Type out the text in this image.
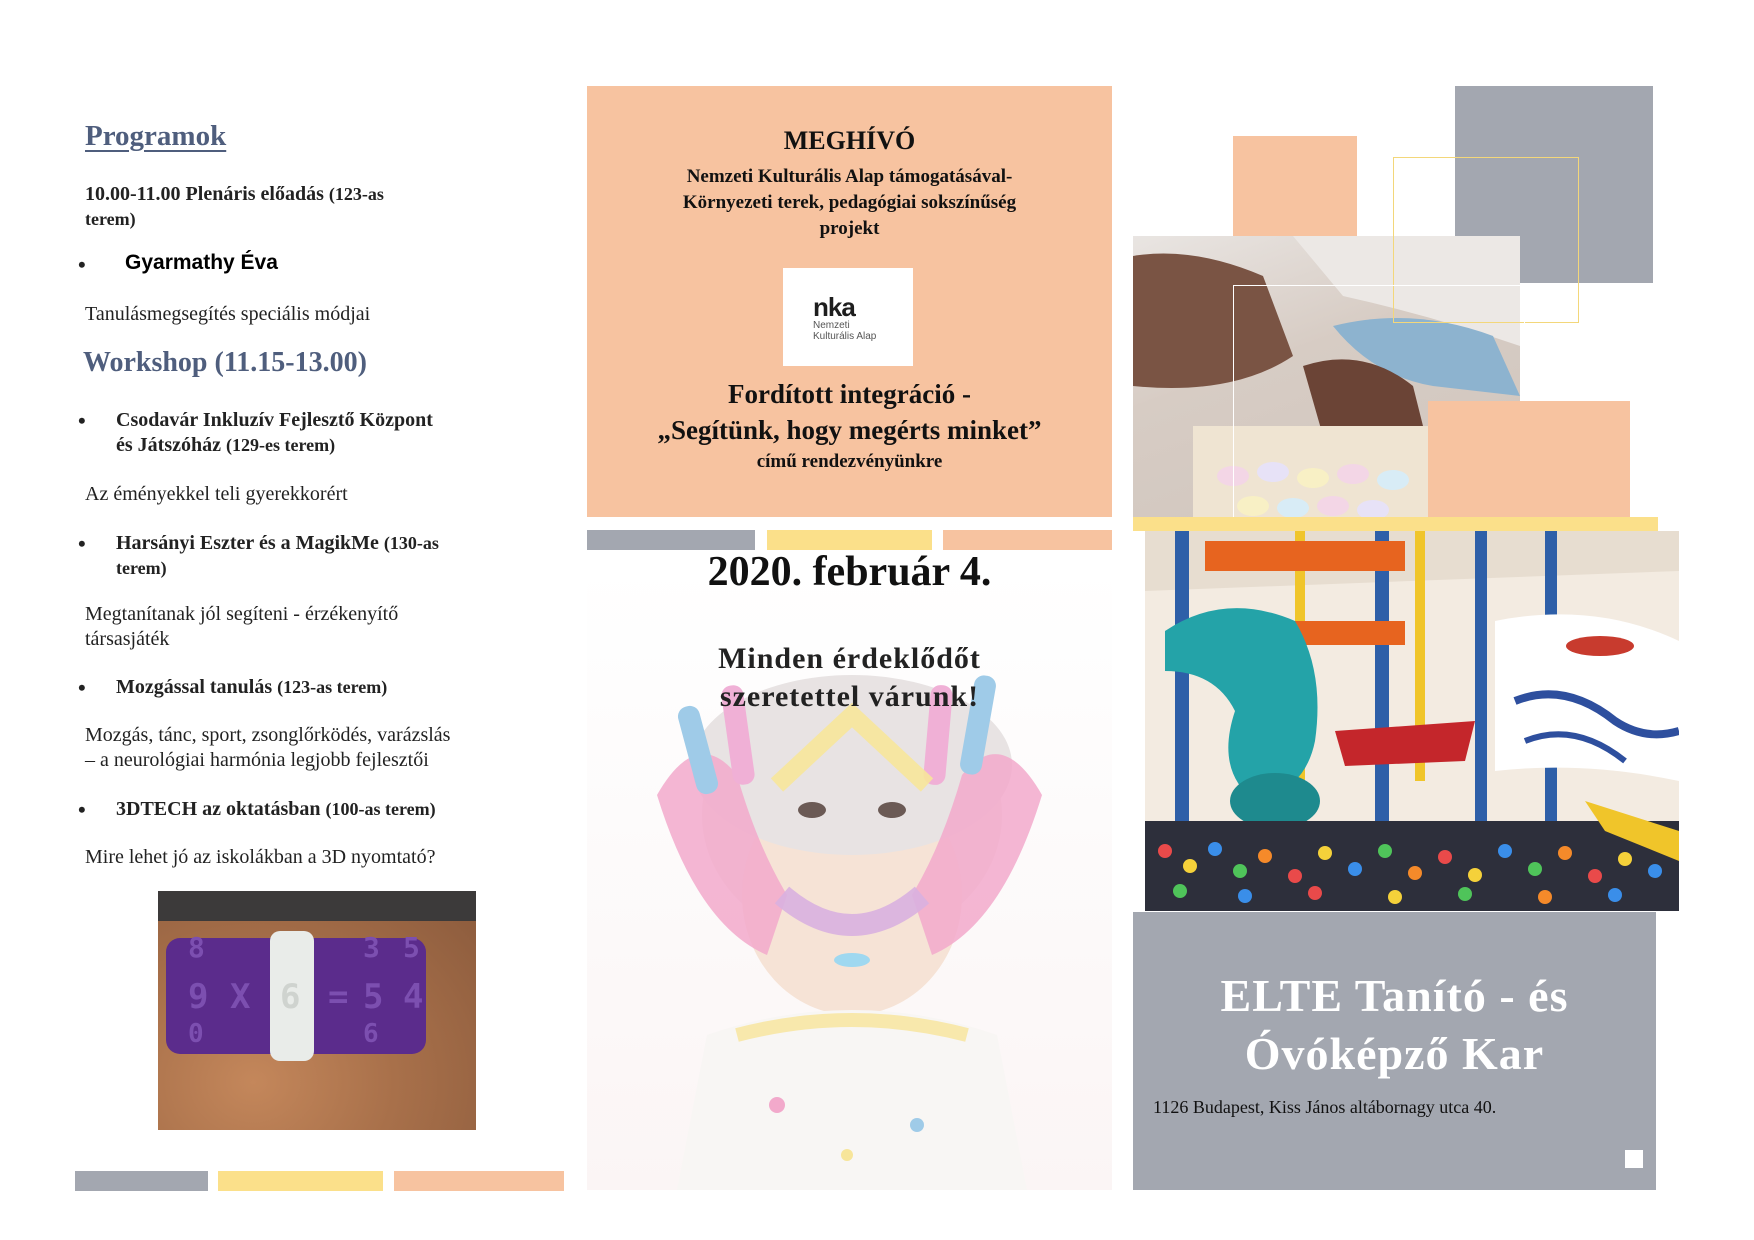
Programok
10.00-11.00 Plenáris előadás (123-as
terem)
• Gyarmathy Éva
Tanulásmegsegítés speciális módjai
Workshop (11.15-13.00)
• Csodavár Inkluzív Fejlesztő Központ
és Játszóház (129-es terem)
Az éményekkel teli gyerekkorért
• Harsányi Eszter és a MagikMe (130-as
terem)
Megtanítanak jól segíteni - érzékenyítő
társasjáték
• Mozgással tanulás (123-as terem)
Mozgás, tánc, sport, zsonglőrködés, varázslás
– a neurológiai harmónia legjobb fejlesztői
• 3DTECH az oktatásban (100-as terem)
Mire lehet jó az iskolákban a 3D nyomtató?
8
9
0
X 6 = 5 4
3
6
5
MEGHÍVÓ
Nemzeti Kulturális Alap támogatásával-
Környezeti terek, pedagógiai sokszínűség
projekt
nka
Nemzeti
Kulturális Alap
Fordított integráció -
„Segítünk, hogy megérts minket”
című rendezvényünkre
2020. február 4.
Minden érdeklődőt
szeretettel várunk!
ELTE Tanító - és
Óvóképző Kar
1126 Budapest, Kiss János altábornagy utca 40.
